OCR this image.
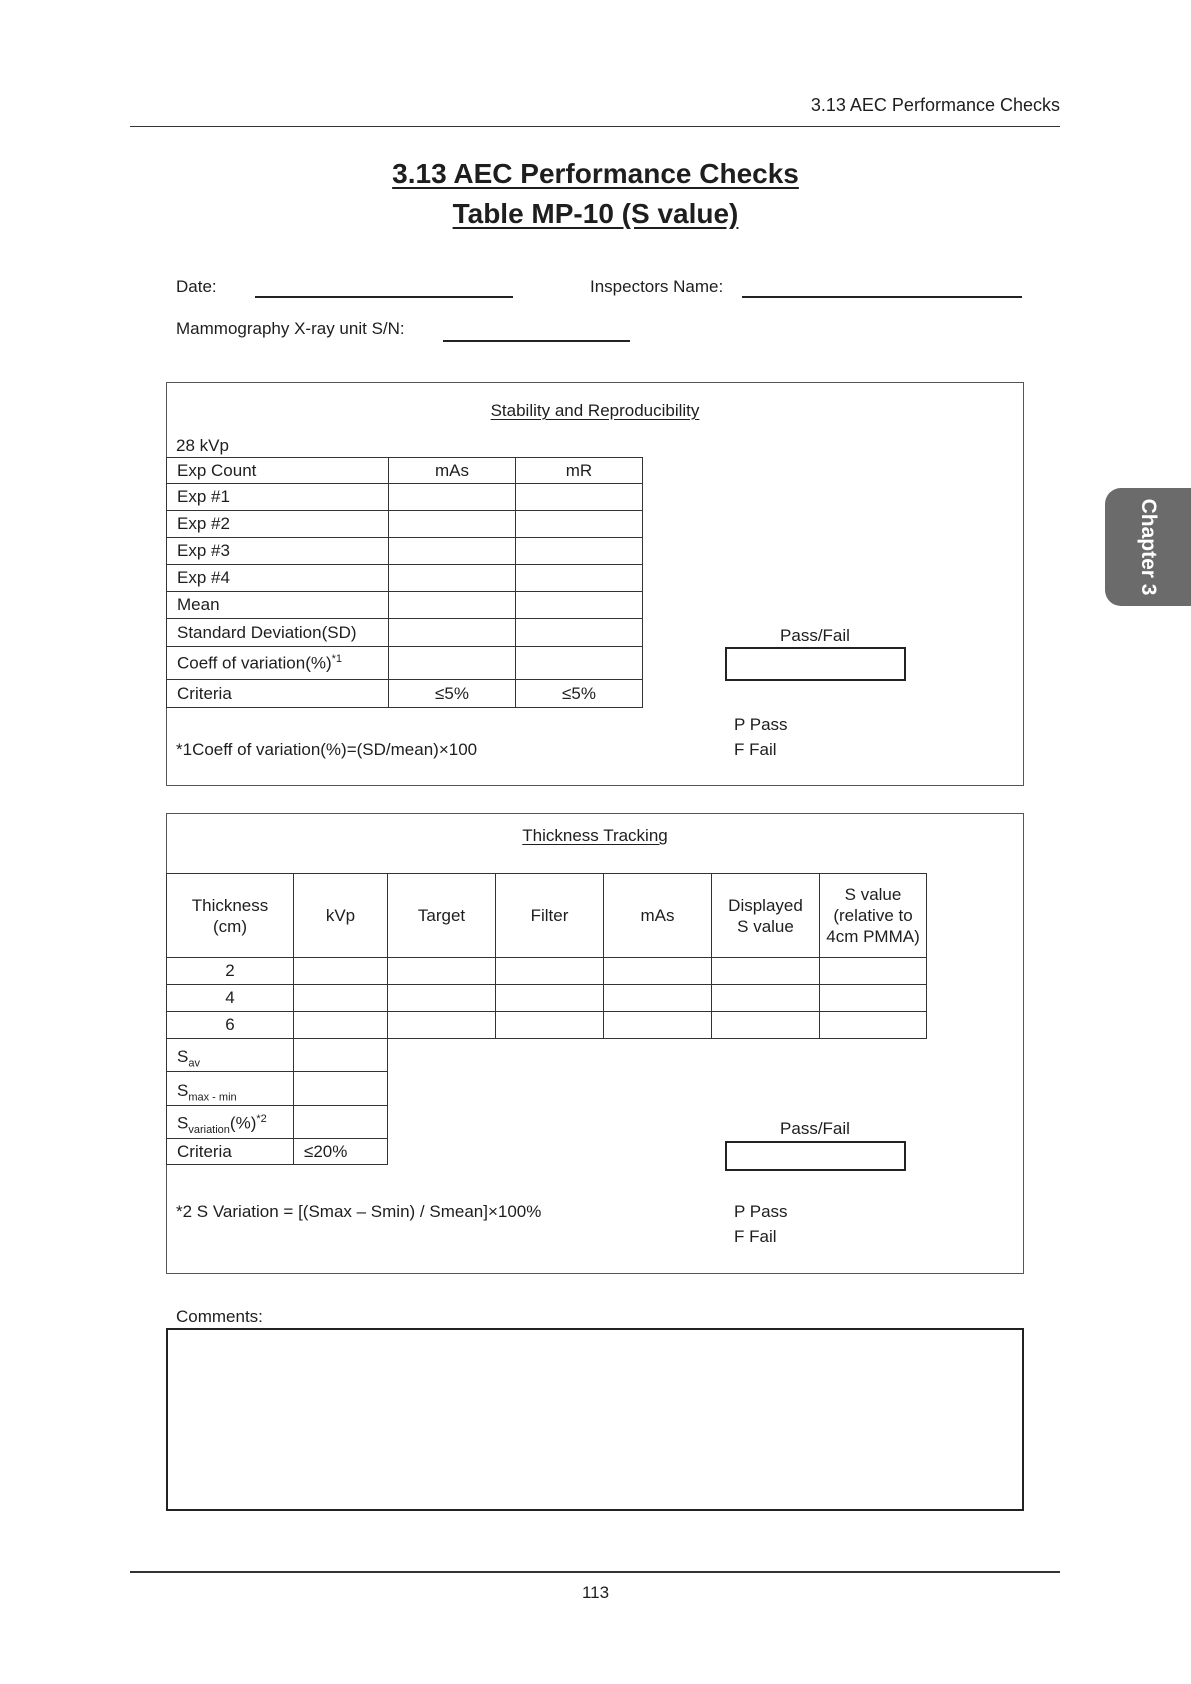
3.13 AEC Performance Checks
3.13 AEC Performance Checks
Table MP-10 (S value)
Date:	Inspectors Name:
Mammography X-ray unit S/N:
Stability and Reproducibility
28 kVp
Exp Count	mAs	mR
Exp #1		
Exp #2		
Exp #3		
Exp #4		
Mean		
Standard Deviation(SD)		
Coeff of variation(%)$^{*1}$		
Criteria	≤5%	≤5%
Pass/Fail
P Pass
F Fail
*1Coeff of variation(%)=(SD/mean)×100
Thickness Tracking
Thickness (cm)	kVp	Target	Filter	mAs	Displayed S value	S value (relative to 4cm PMMA)
2						
4						
6						
$S_{av}$	
$S_{max - min}$	
$S_{variation}(\%)^{*2}$	
Criteria	≤20%
Pass/Fail
*2 S Variation = [(Smax – Smin) / Smean]×100%	P Pass
F Fail
Comments:
113
Chapter 3
